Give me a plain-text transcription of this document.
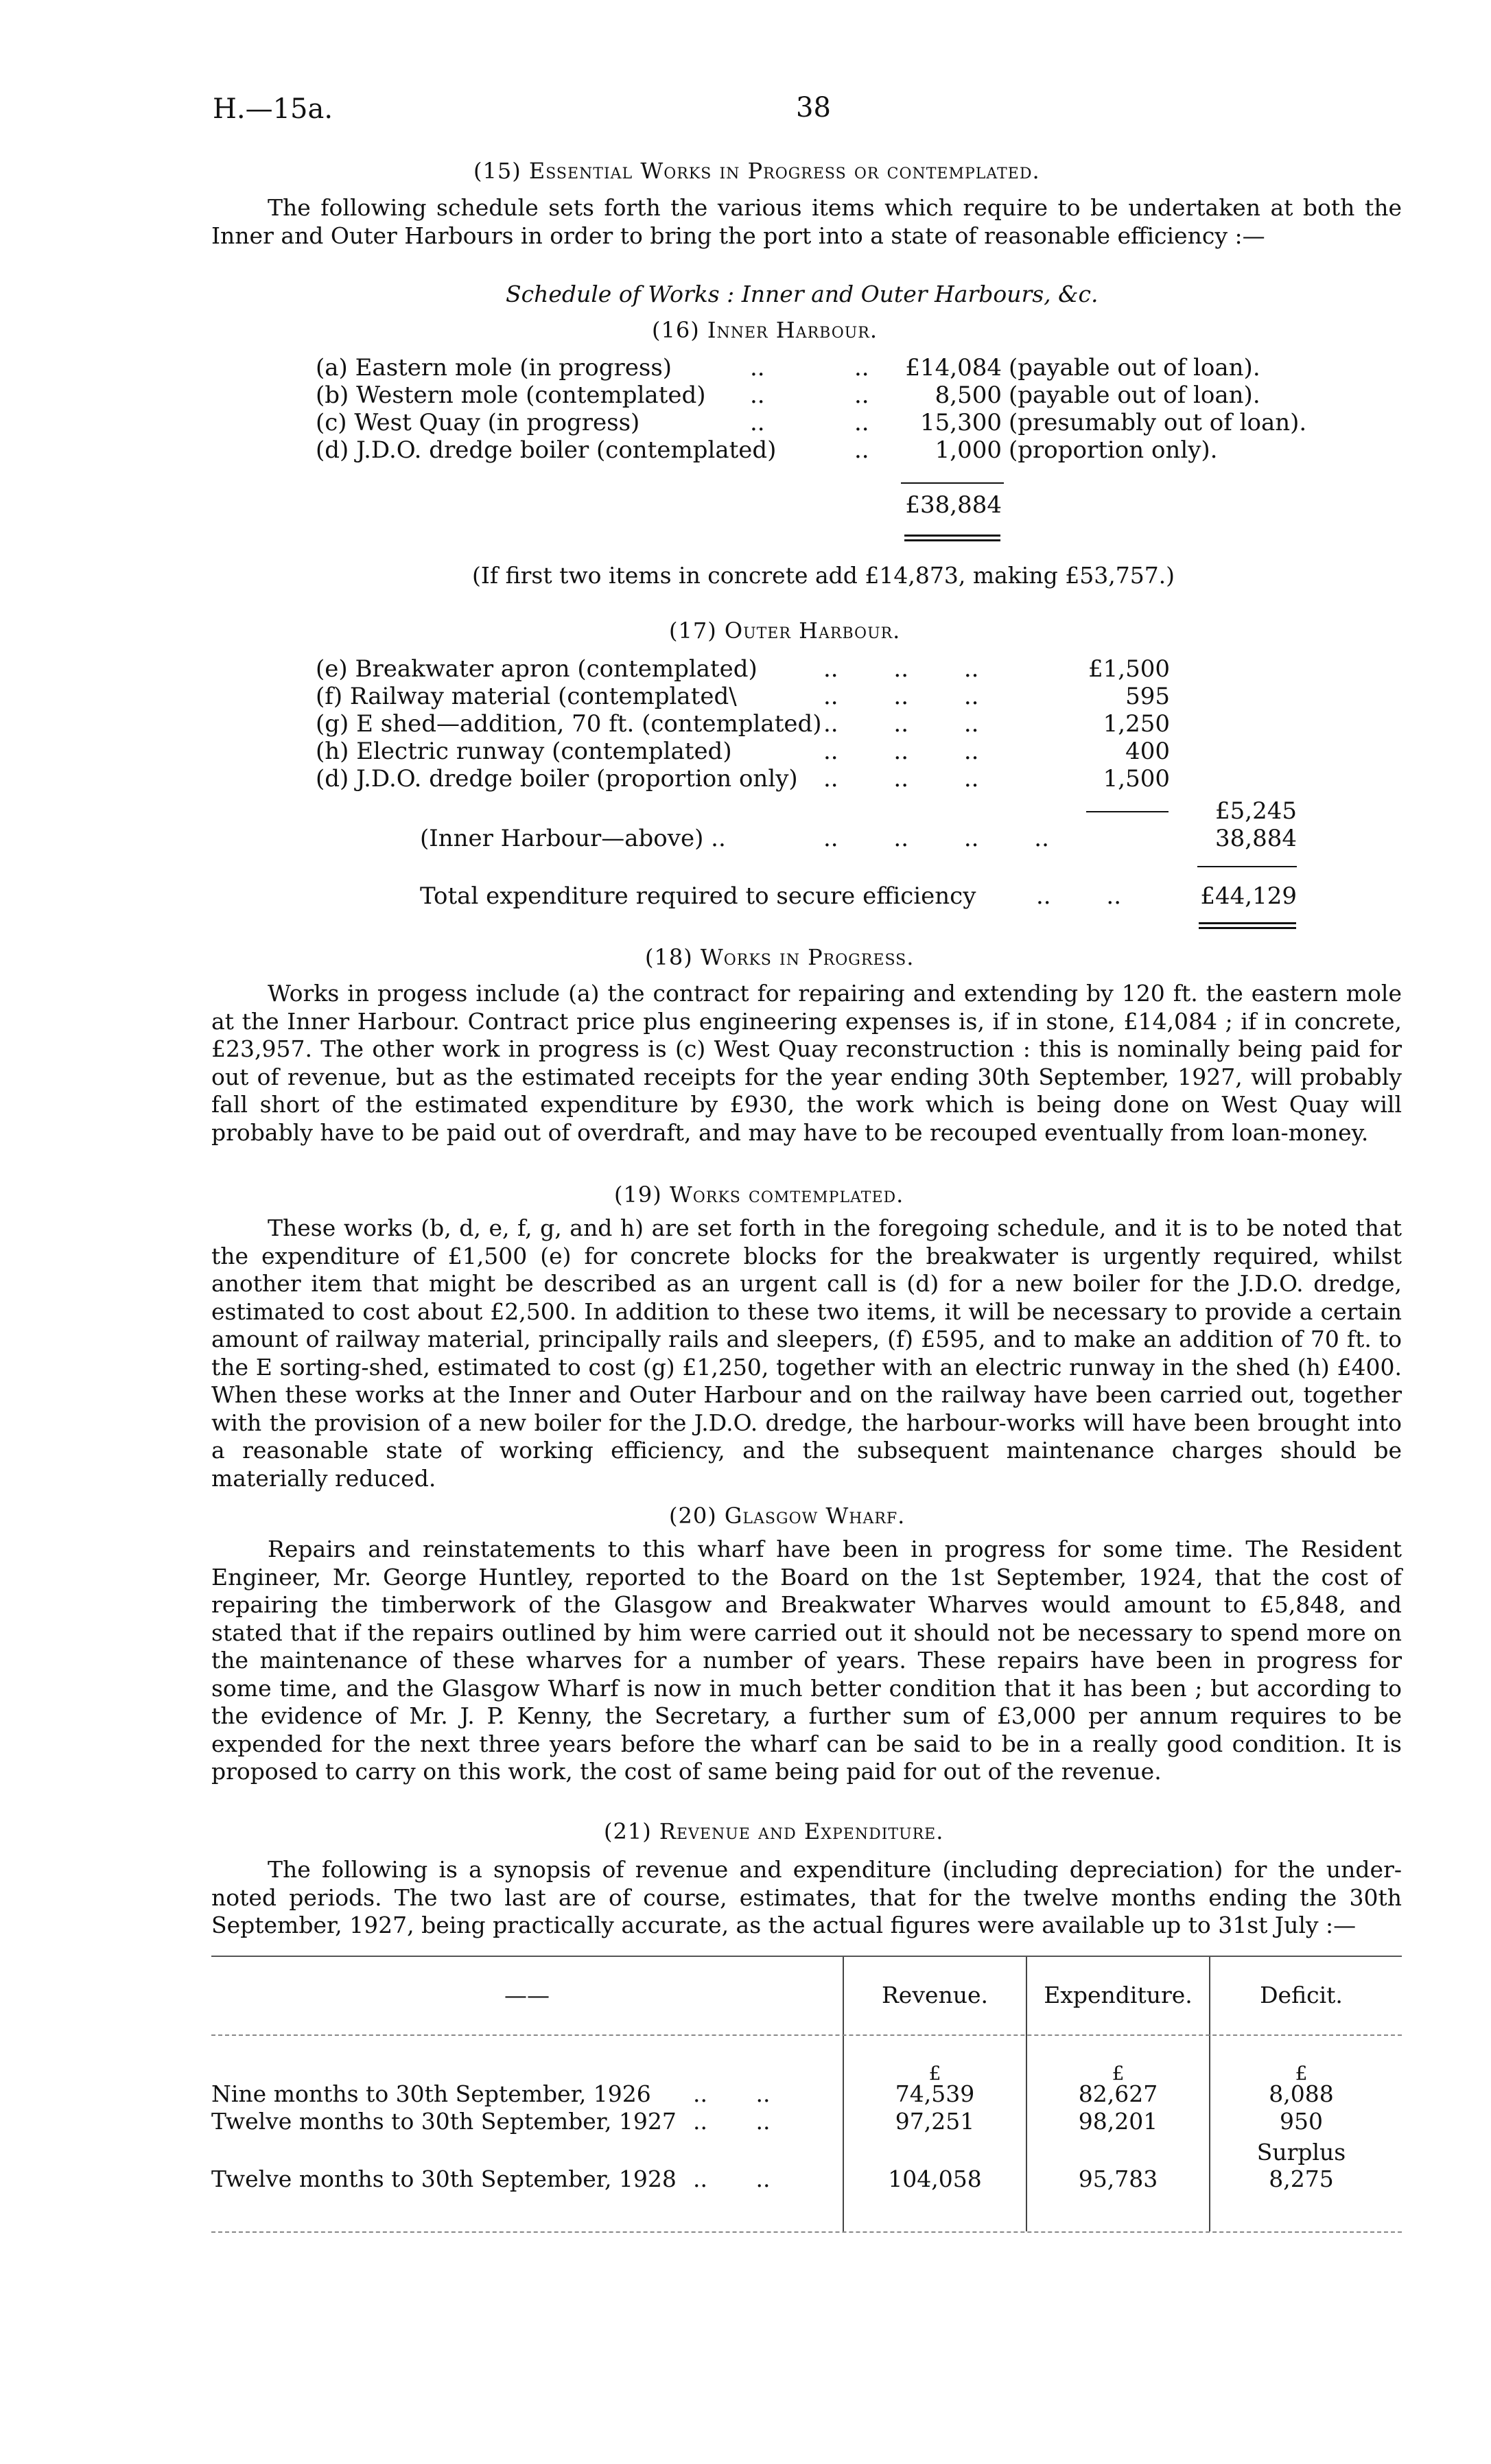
H.—15a.	38
(15) Essential Works in Progress or contemplated.
The following schedule sets forth the various items which require to be undertaken at both the Inner and Outer Harbours in order to bring the port into a state of reasonable efficiency :—
Schedule of Works : Inner and Outer Harbours, &c.
(16) Inner Harbour.
(a) Eastern mole (in progress)	..	..	£14,084 (payable out of loan).
(b) Western mole (contemplated) ..	..	8,500 (payable out of loan).
(c) West Quay (in progress)	..	..	15,300 (presumably out of loan).
(d) J.D.O. dredge boiler (contemplated)	..	1,000 (proportion only).
£38,884
(If first two items in concrete add £14,873, making £53,757.)
(17) Outer Harbour.
(e) Breakwater apron (contemplated)	.. .. ..	£1,500
(f) Railway material (contemplated\	.. .. ..	595
(g) E shed—addition, 70 ft. (contemplated) .. .. ..	1,250
(h) Electric runway (contemplated)	.. .. ..	400
(d) J.D.O. dredge boiler (proportion only) .. .. ..	1,500
£5,245
(Inner Harbour—above) ..	.. .. .. ..	38,884
Total expenditure required to secure efficiency	.. ..	£44,129
(18) Works in Progress.
Works in progess include (a) the contract for repairing and extending by 120 ft. the eastern mole at the Inner Harbour. Contract price plus engineering expenses is, if in stone, £14,084 ; if in concrete, £23,957. The other work in progress is (c) West Quay reconstruction : this is nominally being paid for out of revenue, but as the estimated receipts for the year ending 30th September, 1927, will probably fall short of the estimated expenditure by £930, the work which is being done on West Quay will probably have to be paid out of overdraft, and may have to be recouped eventually from loan-money.
(19) Works comtemplated.
These works (b, d, e, f, g, and h) are set forth in the foregoing schedule, and it is to be noted that the expenditure of £1,500 (e) for concrete blocks for the breakwater is urgently required, whilst another item that might be described as an urgent call is (d) for a new boiler for the J.D.O. dredge, estimated to cost about £2,500. In addition to these two items, it will be necessary to provide a certain amount of railway material, principally rails and sleepers, (f) £595, and to make an addition of 70 ft. to the E sorting-shed, estimated to cost (g) £1,250, together with an electric runway in the shed (h) £400. When these works at the Inner and Outer Harbour and on the railway have been carried out, together with the provision of a new boiler for the J.D.O. dredge, the harbour-works will have been brought into a reasonable state of working efficiency, and the subsequent maintenance charges should be materially reduced.
(20) Glasgow Wharf.
Repairs and reinstatements to this wharf have been in progress for some time. The Resident Engineer, Mr. George Huntley, reported to the Board on the 1st September, 1924, that the cost of repairing the timberwork of the Glasgow and Breakwater Wharves would amount to £5,848, and stated that if the repairs outlined by him were carried out it should not be necessary to spend more on the maintenance of these wharves for a number of years. These repairs have been in progress for some time, and the Glasgow Wharf is now in much better condition that it has been ; but according to the evidence of Mr. J. P. Kenny, the Secretary, a further sum of £3,000 per annum requires to be expended for the next three years before the wharf can be said to be in a really good condition. It is proposed to carry on this work, the cost of same being paid for out of the revenue.
(21) Revenue and Expenditure.
The following is a synopsis of revenue and expenditure (including depreciation) for the under-noted periods. The two last are of course, estimates, that for the twelve months ending the 30th September, 1927, being practically accurate, as the actual figures were available up to 31st July :—
——	Revenue.	Expenditure.	Deficit.
£	£	£
Nine months to 30th September, 1926 .. ..	74,539	82,627	8,088
Twelve months to 30th September, 1927 .. ..	97,251	98,201	950
Surplus
Twelve months to 30th September, 1928 .. ..	104,058	95,783	8,275
